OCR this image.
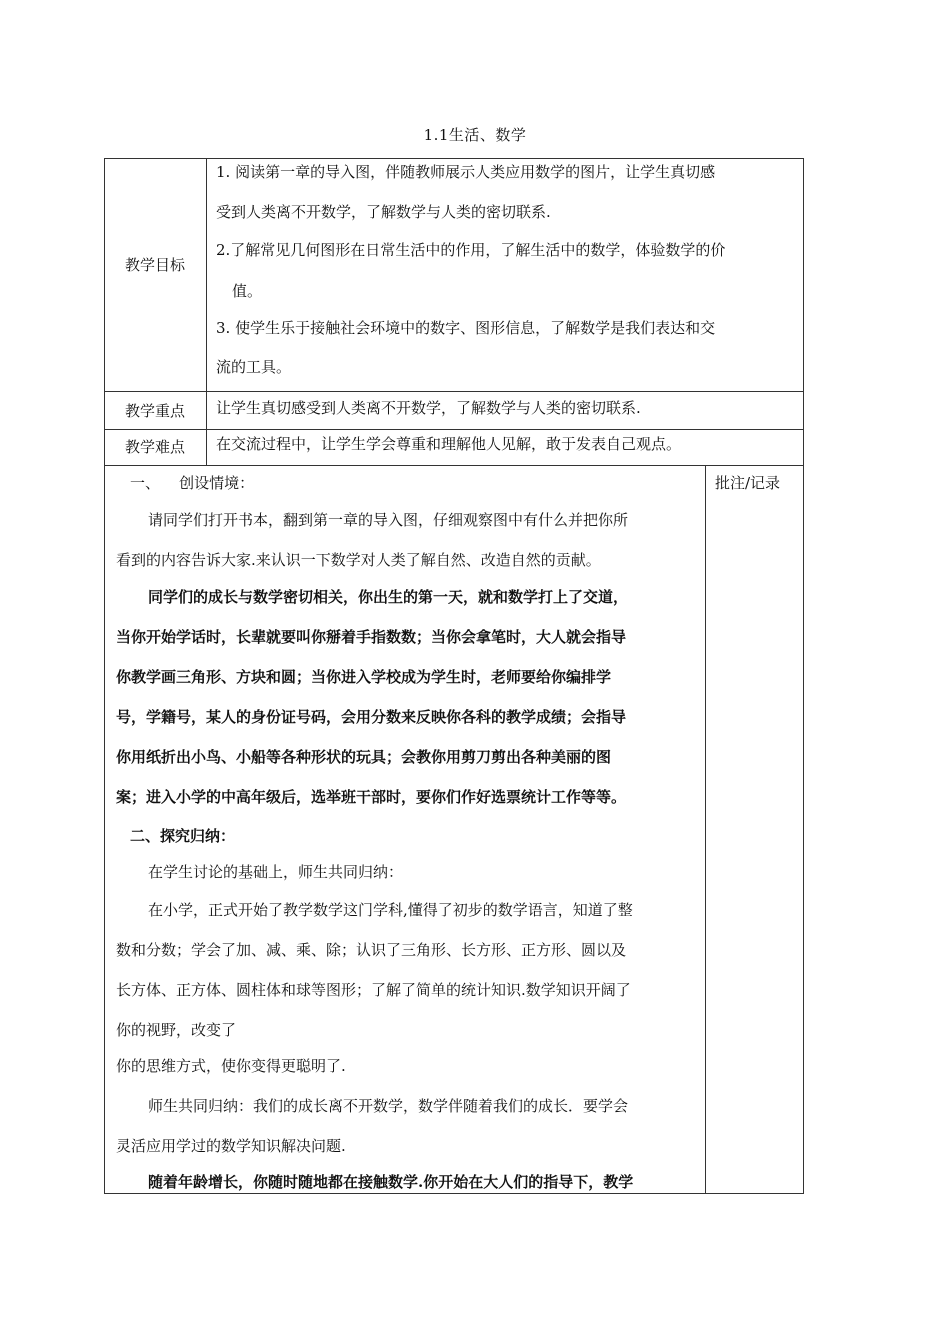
1.1生活、数学
教学目标
教学重点
教学难点
1. 阅读第一章的导入图，伴随教师展示人类应用数学的图片，让学生真切感
受到人类离不开数学，了解数学与人类的密切联系.
2.了解常见几何图形在日常生活中的作用，了解生活中的数学，体验数学的价
值。
3. 使学生乐于接触社会环境中的数字、图形信息，了解数学是我们表达和交
流的工具。
让学生真切感受到人类离不开数学，了解数学与人类的密切联系.
在交流过程中，让学生学会尊重和理解他人见解，敢于发表自己观点。
批注/记录
一、    创设情境：
请同学们打开书本，翻到第一章的导入图，仔细观察图中有什么并把你所
看到的内容告诉大家.来认识一下数学对人类了解自然、改造自然的贡献。
同学们的成长与数学密切相关，你出生的第一天，就和数学打上了交道，
当你开始学话时，长辈就要叫你掰着手指数数；当你会拿笔时，大人就会指导
你教学画三角形、方块和圆；当你进入学校成为学生时，老师要给你编排学
号，学籍号，某人的身份证号码，会用分数来反映你各科的教学成绩；会指导
你用纸折出小鸟、小船等各种形状的玩具；会教你用剪刀剪出各种美丽的图
案；进入小学的中高年级后，选举班干部时，要你们作好选票统计工作等等。
二、探究归纳：
在学生讨论的基础上，师生共同归纳：
在小学，正式开始了教学数学这门学科,懂得了初步的数学语言，知道了整
数和分数；学会了加、减、乘、除；认识了三角形、长方形、正方形、圆以及
长方体、正方体、圆柱体和球等图形；了解了简单的统计知识.数学知识开阔了
你的视野，改变了
你的思维方式，使你变得更聪明了.
师生共同归纳：我们的成长离不开数学，数学伴随着我们的成长．要学会
灵活应用学过的数学知识解决问题.
随着年龄增长，你随时随地都在接触数学.你开始在大人们的指导下，教学
